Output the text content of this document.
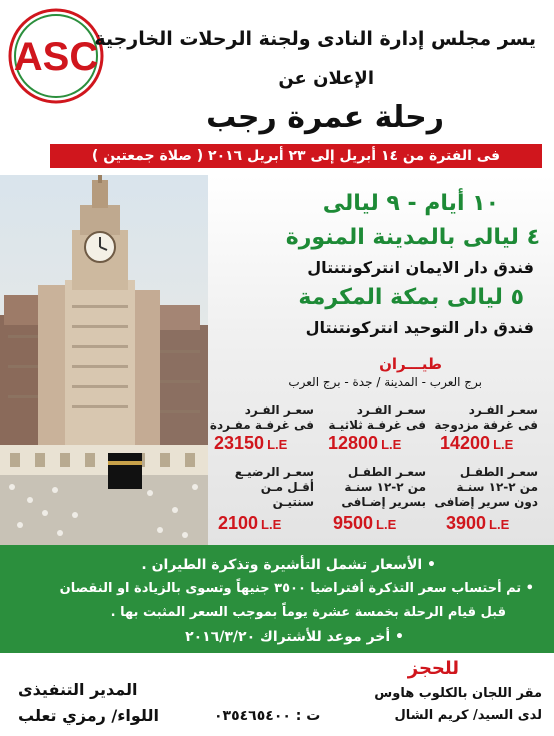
ASC
يسر مجلس إدارة النادى ولجنة الرحلات الخارجية
الإعلان عن
رحلة عمرة رجب
فى الفترة من ١٤ أبريل إلى ٢٣ أبريل ٢٠١٦ ( صلاة جمعتين )
١٠ أيام - ٩ ليالى
٤ ليالى بالمدينة المنورة
فندق دار الايمان انتركونتنتال
٥ ليالى بمكة المكرمة
فندق دار التوحيد انتركونتنتال
طيـــران
برج العرب - المدينة / جدة - برج العرب
سعـر الفـرد
فى غرفة مزدوجة
14200 L.E
سعـر الفـرد
فى غرفـة ثلاثيـة
12800 L.E
سعـر الفـرد
فى غرفـة مفـردة
23150 L.E
سعـر الطفـل
من ٢-١٢ سنـة
دون سرير إضافى
3900 L.E
سعـر الطفـل
من ٢-١٢ سنـة
بسرير إضـافى
9500 L.E
سعـر الرضيـع
أقـل مـن
سنتيـن
2100 L.E
• الأسعار تشمل التأشيرة وتذكرة الطيران .
• تم أحتساب سعر التذكرة أفتراضيا ٣٥٠٠ جنيهاً وتسوى بالزيادة او النقصان
قبل قيام الرحلة بخمسة عشرة يوماً بموجب السعر المثبت بها .
• أخر موعد للأشتراك ٢٠١٦/٣/٢٠
للحجز
مقر اللجان بالكلوب هاوس
لدى السيد/ كريم الشال
ت : ٠٣٥٤٦٥٤٠٠
المدير التنفيذى
اللواء/ رمزي تعلب
